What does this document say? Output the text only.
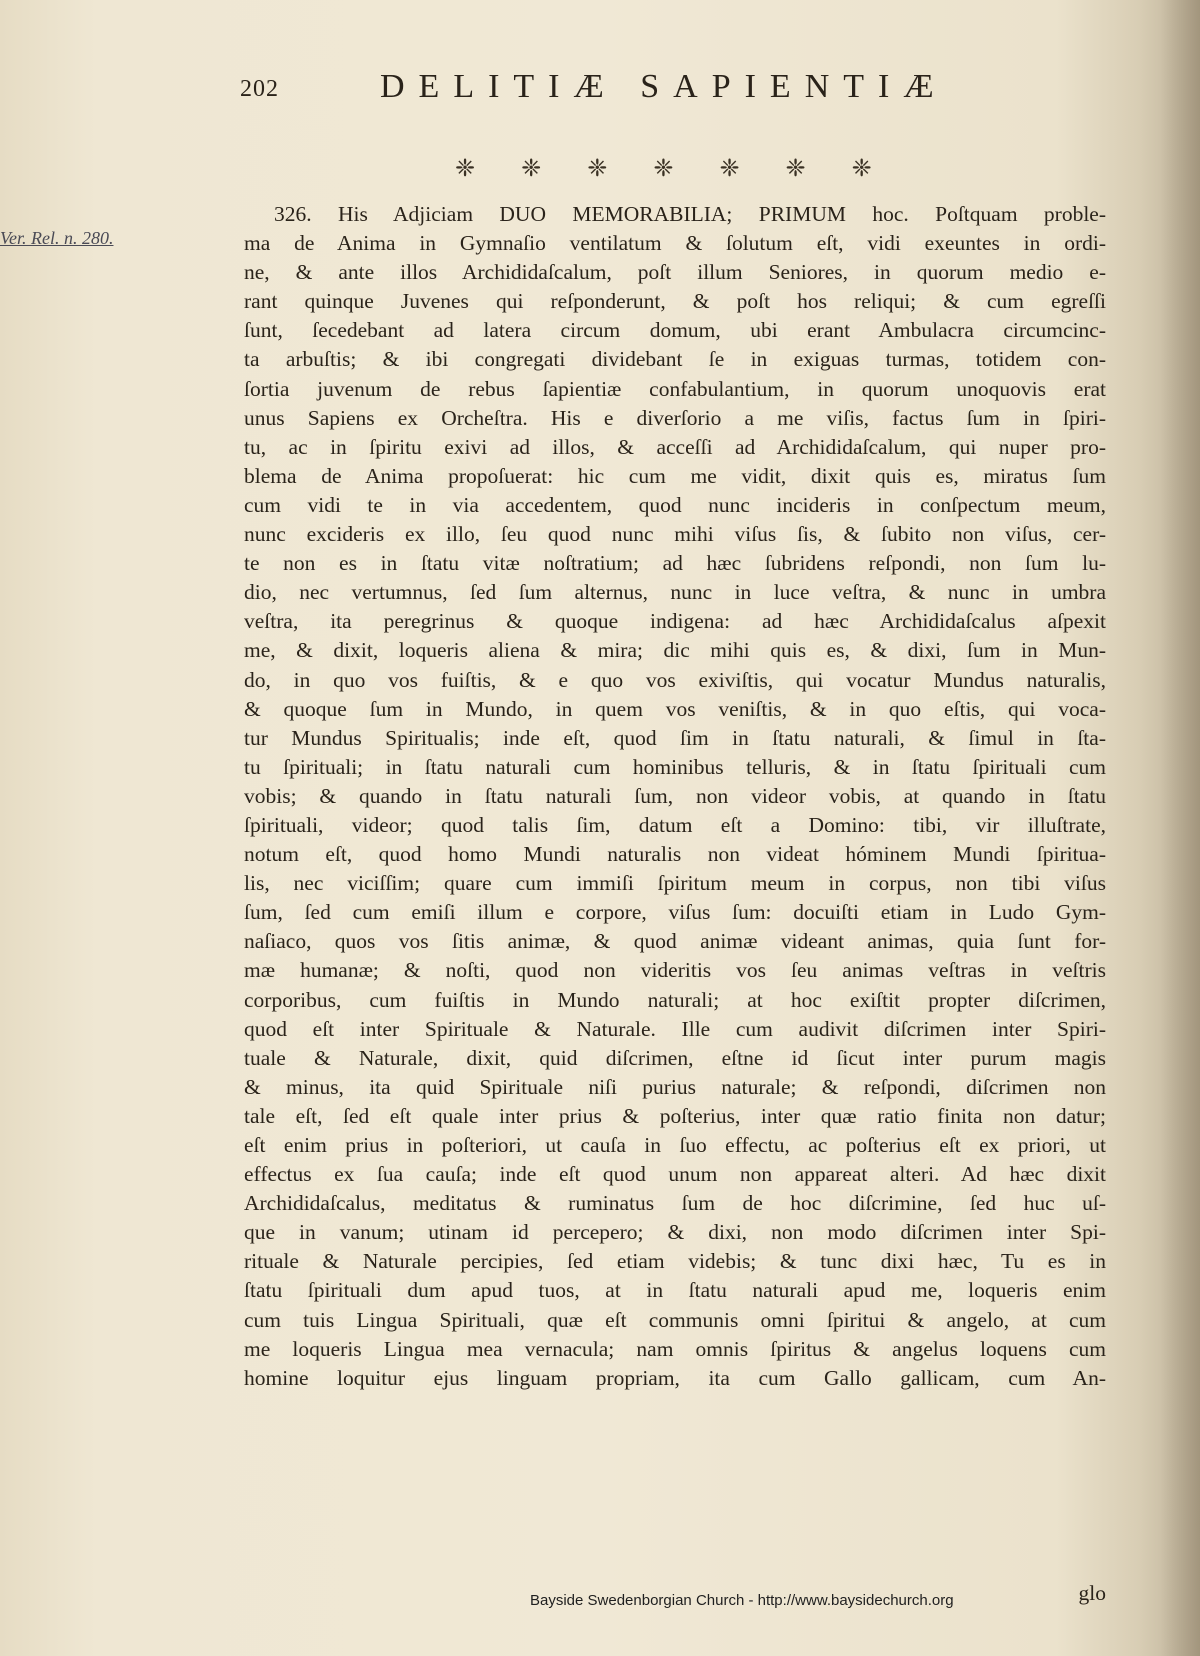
202	DELITIÆ SAPIENTIÆ
❈ ❈ ❈ ❈ ❈ ❈ ❈
Ver. Rel. n. 280.
326. His Adjiciam DUO MEMORABILIA; PRIMUM hoc. Poſtquam proble-
ma de Anima in Gymnaſio ventilatum & ſolutum eſt, vidi exeuntes in ordi-
ne, & ante illos Archididaſcalum, poſt illum Seniores, in quorum medio e-
rant quinque Juvenes qui reſponderunt, & poſt hos reliqui; & cum egreſſi
ſunt, ſecedebant ad latera circum domum, ubi erant Ambulacra circumcinc-
ta arbuſtis; & ibi congregati dividebant ſe in exiguas turmas, totidem con-
ſortia juvenum de rebus ſapientiæ confabulantium, in quorum unoquovis erat
unus Sapiens ex Orcheſtra. His e diverſorio a me viſis, factus ſum in ſpiri-
tu, ac in ſpiritu exivi ad illos, & acceſſi ad Archididaſcalum, qui nuper pro-
blema de Anima propoſuerat: hic cum me vidit, dixit quis es, miratus ſum
cum vidi te in via accedentem, quod nunc incideris in conſpectum meum,
nunc excideris ex illo, ſeu quod nunc mihi viſus ſis, & ſubito non viſus, cer-
te non es in ſtatu vitæ noſtratium; ad hæc ſubridens reſpondi, non ſum lu-
dio, nec vertumnus, ſed ſum alternus, nunc in luce veſtra, & nunc in umbra
veſtra, ita peregrinus & quoque indigena: ad hæc Archididaſcalus aſpexit
me, & dixit, loqueris aliena & mira; dic mihi quis es, & dixi, ſum in Mun-
do, in quo vos fuiſtis, & e quo vos exiviſtis, qui vocatur Mundus naturalis,
& quoque ſum in Mundo, in quem vos veniſtis, & in quo eſtis, qui voca-
tur Mundus Spiritualis; inde eſt, quod ſim in ſtatu naturali, & ſimul in ſta-
tu ſpirituali; in ſtatu naturali cum hominibus telluris, & in ſtatu ſpirituali cum
vobis; & quando in ſtatu naturali ſum, non videor vobis, at quando in ſtatu
ſpirituali, videor; quod talis ſim, datum eſt a Domino: tibi, vir illuſtrate,
notum eſt, quod homo Mundi naturalis non videat hóminem Mundi ſpiritua-
lis, nec viciſſim; quare cum immiſi ſpiritum meum in corpus, non tibi viſus
ſum, ſed cum emiſi illum e corpore, viſus ſum: docuiſti etiam in Ludo Gym-
naſiaco, quos vos ſitis animæ, & quod animæ videant animas, quia ſunt for-
mæ humanæ; & noſti, quod non videritis vos ſeu animas veſtras in veſtris
corporibus, cum fuiſtis in Mundo naturali; at hoc exiſtit propter diſcrimen,
quod eſt inter Spirituale & Naturale. Ille cum audivit diſcrimen inter Spiri-
tuale & Naturale, dixit, quid diſcrimen, eſtne id ſicut inter purum magis
& minus, ita quid Spirituale niſi purius naturale; & reſpondi, diſcrimen non
tale eſt, ſed eſt quale inter prius & poſterius, inter quæ ratio finita non datur;
eſt enim prius in poſteriori, ut cauſa in ſuo effectu, ac poſterius eſt ex priori, ut
effectus ex ſua cauſa; inde eſt quod unum non appareat alteri. Ad hæc dixit
Archididaſcalus, meditatus & ruminatus ſum de hoc diſcrimine, ſed huc uſ-
que in vanum; utinam id percepero; & dixi, non modo diſcrimen inter Spi-
rituale & Naturale percipies, ſed etiam videbis; & tunc dixi hæc, Tu es in
ſtatu ſpirituali dum apud tuos, at in ſtatu naturali apud me, loqueris enim
cum tuis Lingua Spirituali, quæ eſt communis omni ſpiritui & angelo, at cum
me loqueris Lingua mea vernacula; nam omnis ſpiritus & angelus loquens cum
homine loquitur ejus linguam propriam, ita cum Gallo gallicam, cum An-
glo
Bayside Swedenborgian Church - http://www.baysidechurch.org
